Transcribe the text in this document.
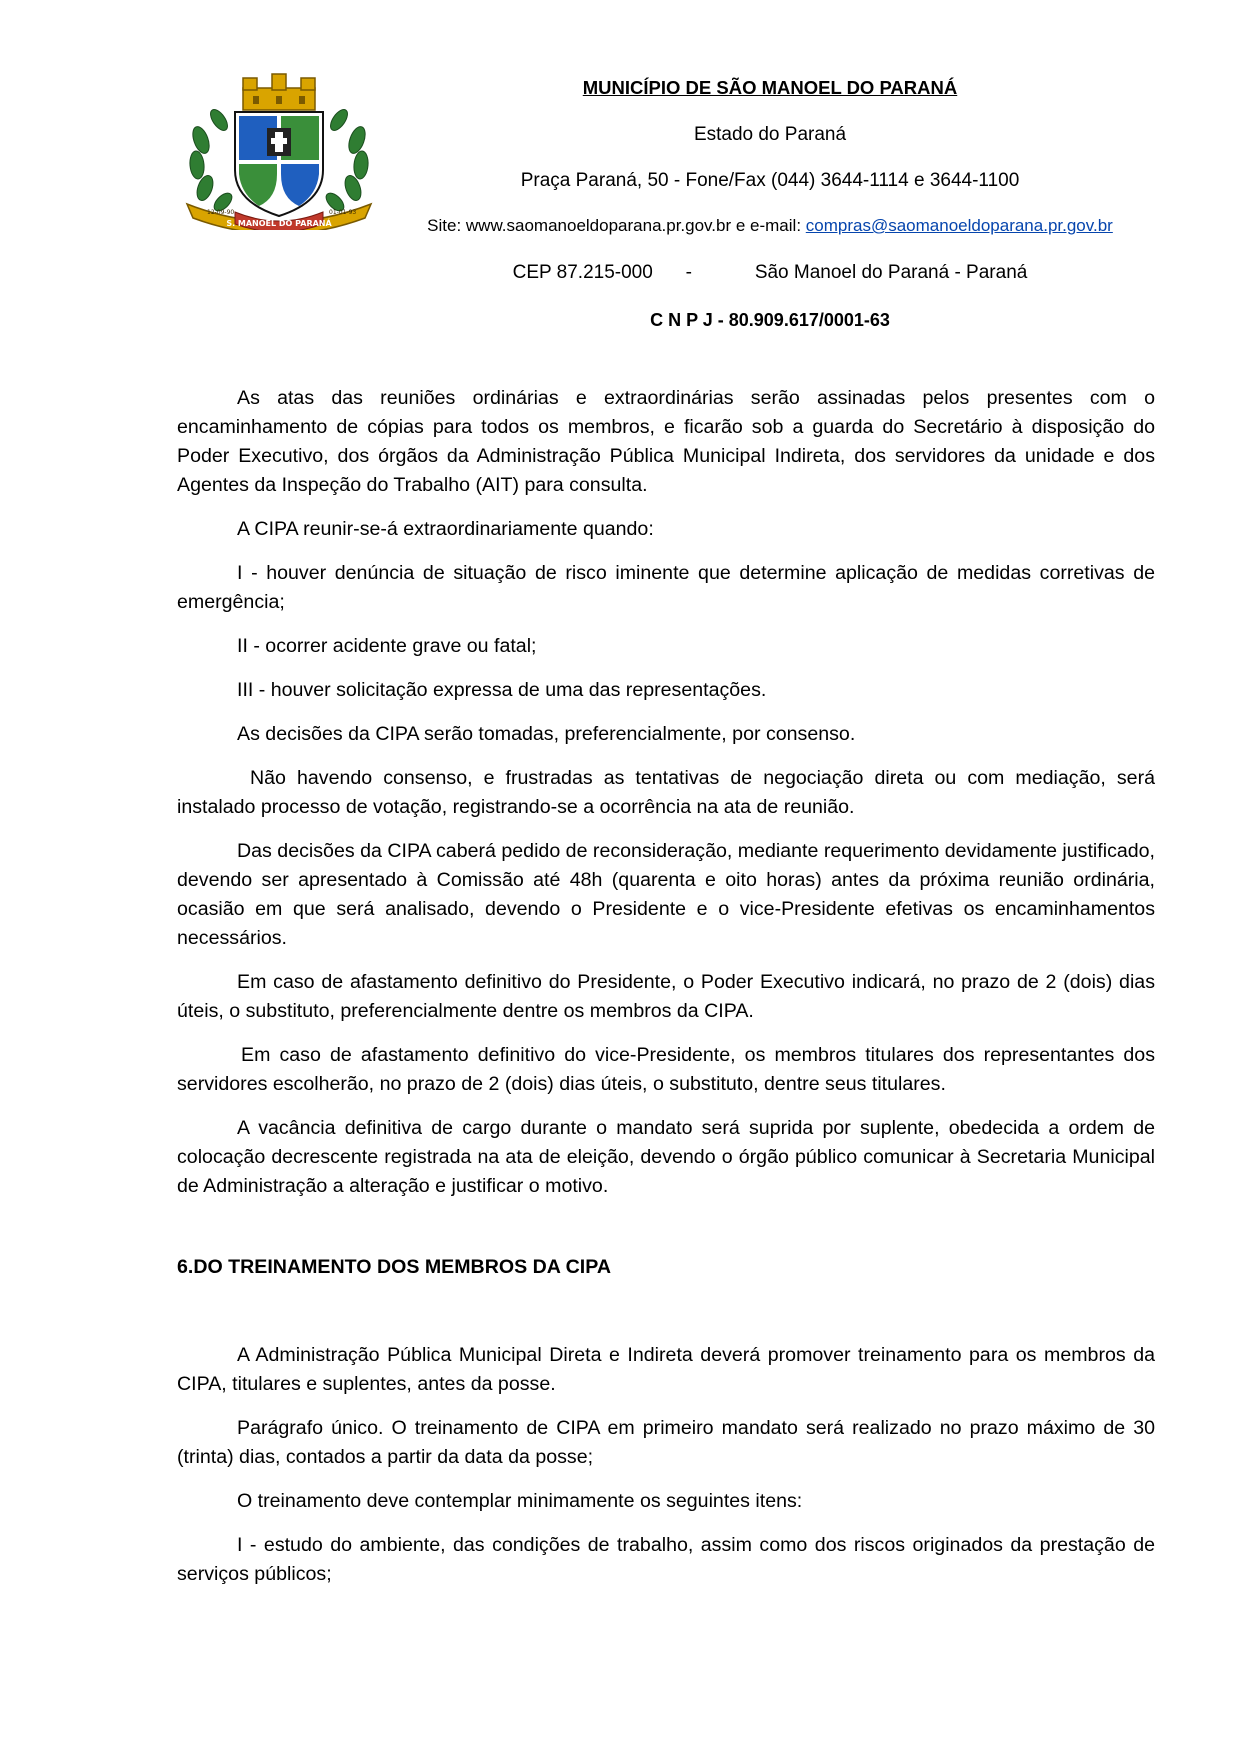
S. MANOEL DO PARANÁ
12-09-90	01-01-93
MUNICÍPIO DE SÃO MANOEL DO PARANÁ
Estado do Paraná
Praça Paraná, 50 - Fone/Fax (044) 3644-1114 e 3644-1100
Site: www.saomanoeldoparana.pr.gov.br e e-mail: compras@saomanoeldoparana.pr.gov.br
CEP 87.215-000 -	São Manoel do Paraná - Paraná
C N P J - 80.909.617/0001-63

As atas das reuniões ordinárias e extraordinárias serão assinadas pelos presentes com o encaminhamento de cópias para todos os membros, e ficarão sob a guarda do Secretário à disposição do Poder Executivo, dos órgãos da Administração Pública Municipal Indireta, dos servidores da unidade e dos Agentes da Inspeção do Trabalho (AIT) para consulta.

A CIPA reunir-se-á extraordinariamente quando:

I - houver denúncia de situação de risco iminente que determine aplicação de medidas corretivas de emergência;

II - ocorrer acidente grave ou fatal;

III - houver solicitação expressa de uma das representações.

As decisões da CIPA serão tomadas, preferencialmente, por consenso.

Não havendo consenso, e frustradas as tentativas de negociação direta ou com mediação, será instalado processo de votação, registrando-se a ocorrência na ata de reunião.

Das decisões da CIPA caberá pedido de reconsideração, mediante requerimento devidamente justificado, devendo ser apresentado à Comissão até 48h (quarenta e oito horas) antes da próxima reunião ordinária, ocasião em que será analisado, devendo o Presidente e o vice-Presidente efetivas os encaminhamentos necessários.

Em caso de afastamento definitivo do Presidente, o Poder Executivo indicará, no prazo de 2 (dois) dias úteis, o substituto, preferencialmente dentre os membros da CIPA.

Em caso de afastamento definitivo do vice-Presidente, os membros titulares dos representantes dos servidores escolherão, no prazo de 2 (dois) dias úteis, o substituto, dentre seus titulares.

A vacância definitiva de cargo durante o mandato será suprida por suplente, obedecida a ordem de colocação decrescente registrada na ata de eleição, devendo o órgão público comunicar à Secretaria Municipal de Administração a alteração e justificar o motivo.

6.DO TREINAMENTO DOS MEMBROS DA CIPA

A Administração Pública Municipal Direta e Indireta deverá promover treinamento para os membros da CIPA, titulares e suplentes, antes da posse.

Parágrafo único. O treinamento de CIPA em primeiro mandato será realizado no prazo máximo de 30 (trinta) dias, contados a partir da data da posse;

O treinamento deve contemplar minimamente os seguintes itens:

I - estudo do ambiente, das condições de trabalho, assim como dos riscos originados da prestação de serviços públicos;
